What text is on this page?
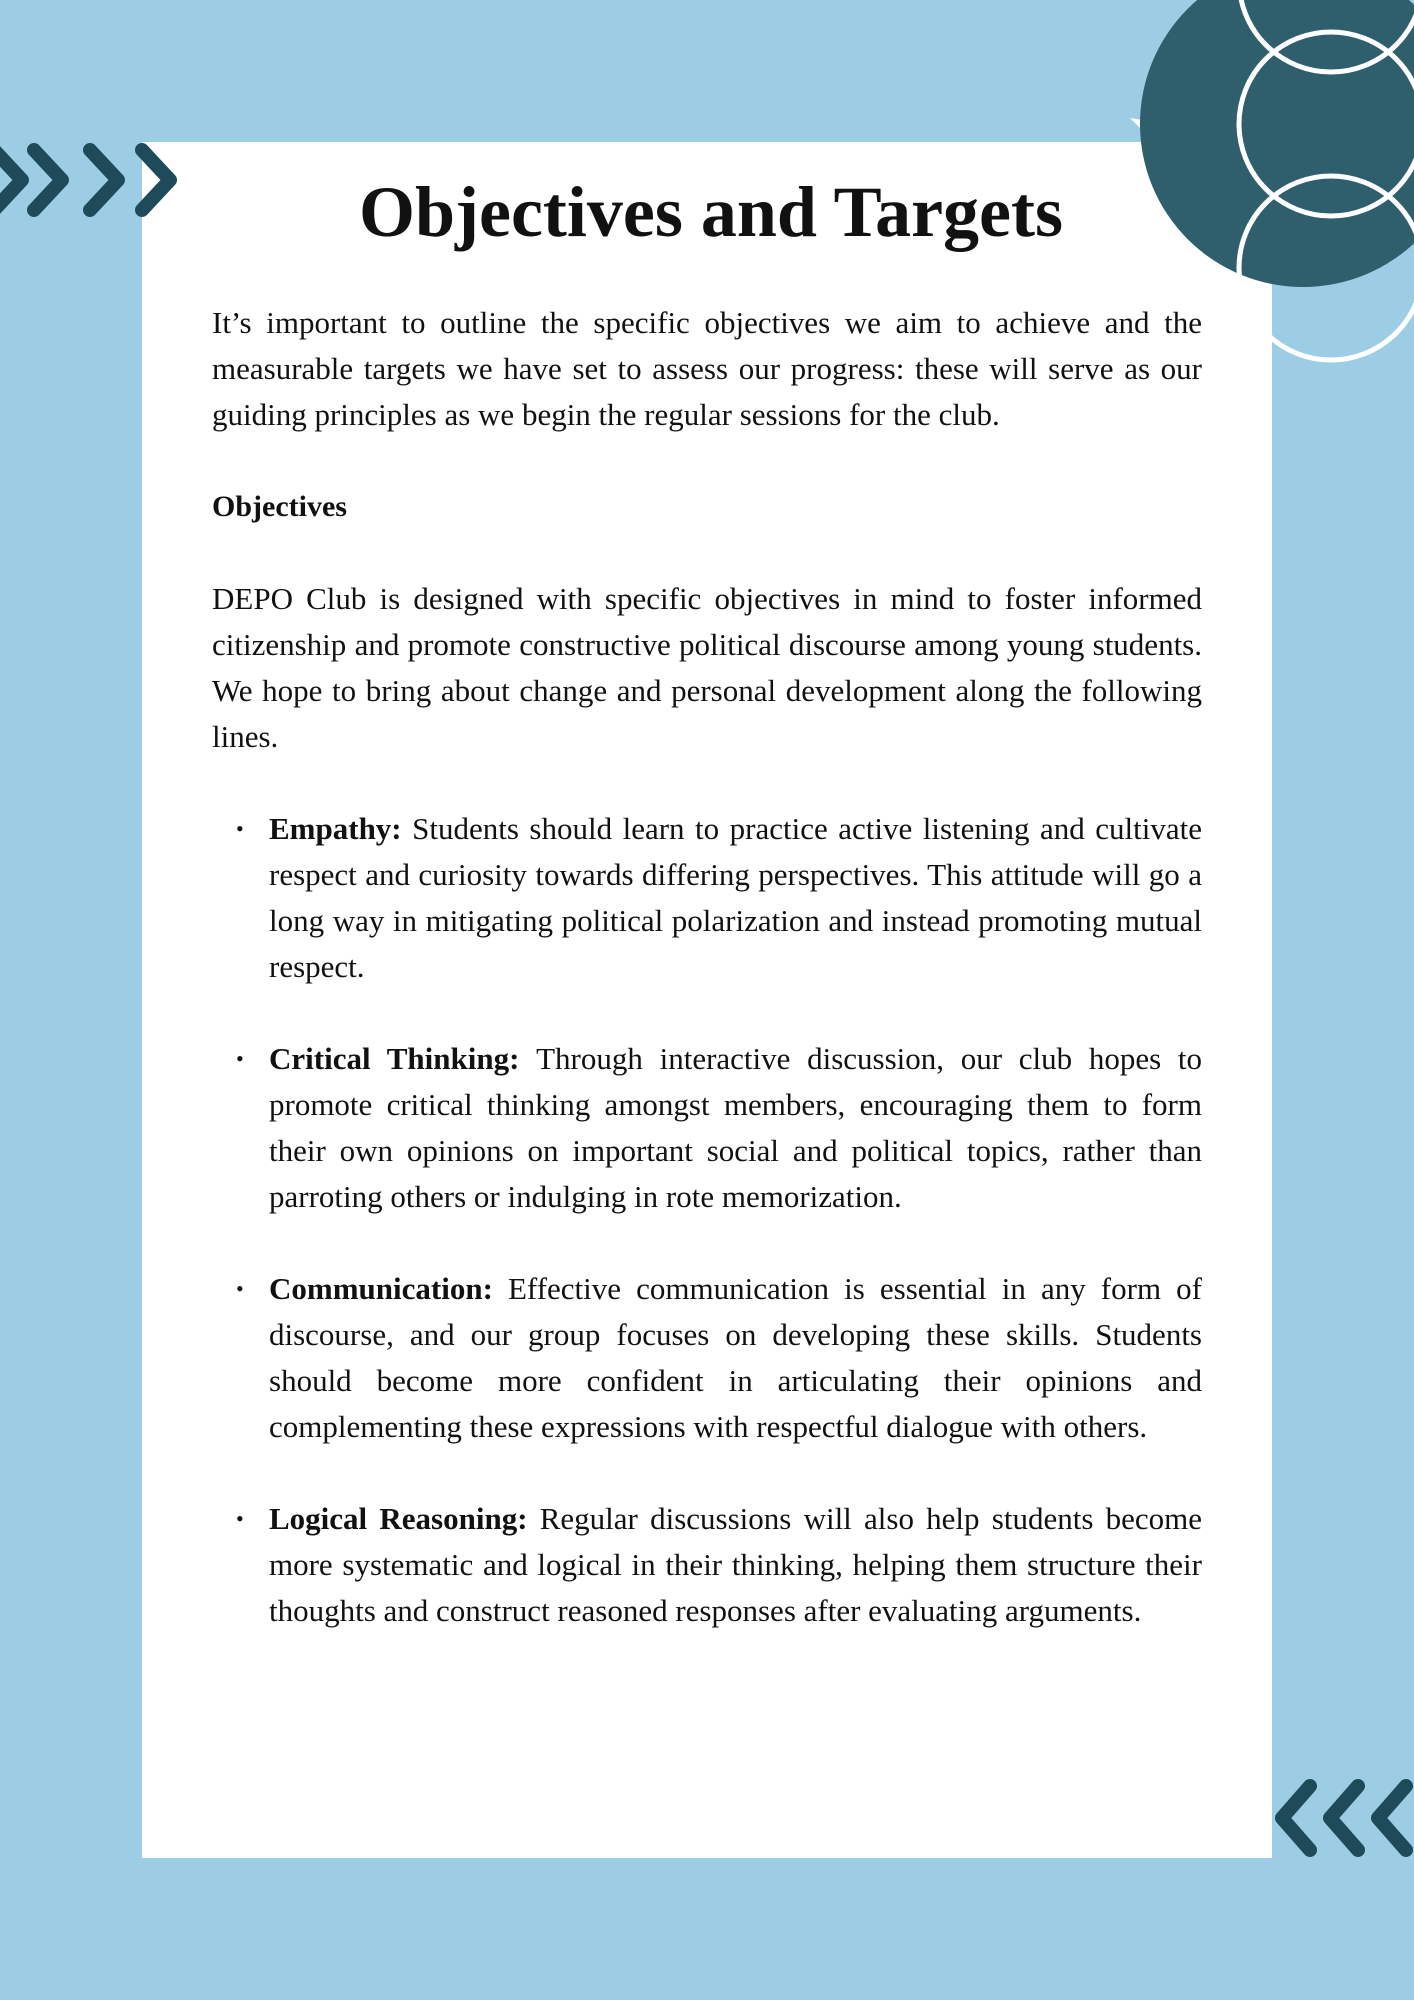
Objectives and Targets

It’s important to outline the specific objectives we aim to achieve and the measurable targets we have set to assess our progress: these will serve as our guiding principles as we begin the regular sessions for the club.

Objectives

DEPO Club is designed with specific objectives in mind to foster informed citizenship and promote constructive political discourse among young students. We hope to bring about change and personal development along the following lines.

• Empathy: Students should learn to practice active listening and cultivate respect and curiosity towards differing perspectives. This attitude will go a long way in mitigating political polarization and instead promoting mutual respect.
• Critical Thinking: Through interactive discussion, our club hopes to promote critical thinking amongst members, encouraging them to form their own opinions on important social and political topics, rather than parroting others or indulging in rote memorization.
• Communication: Effective communication is essential in any form of discourse, and our group focuses on developing these skills. Students should become more confident in articulating their opinions and complementing these expressions with respectful dialogue with others.
• Logical Reasoning: Regular discussions will also help students become more systematic and logical in their thinking, helping them structure their thoughts and construct reasoned responses after evaluating arguments.
